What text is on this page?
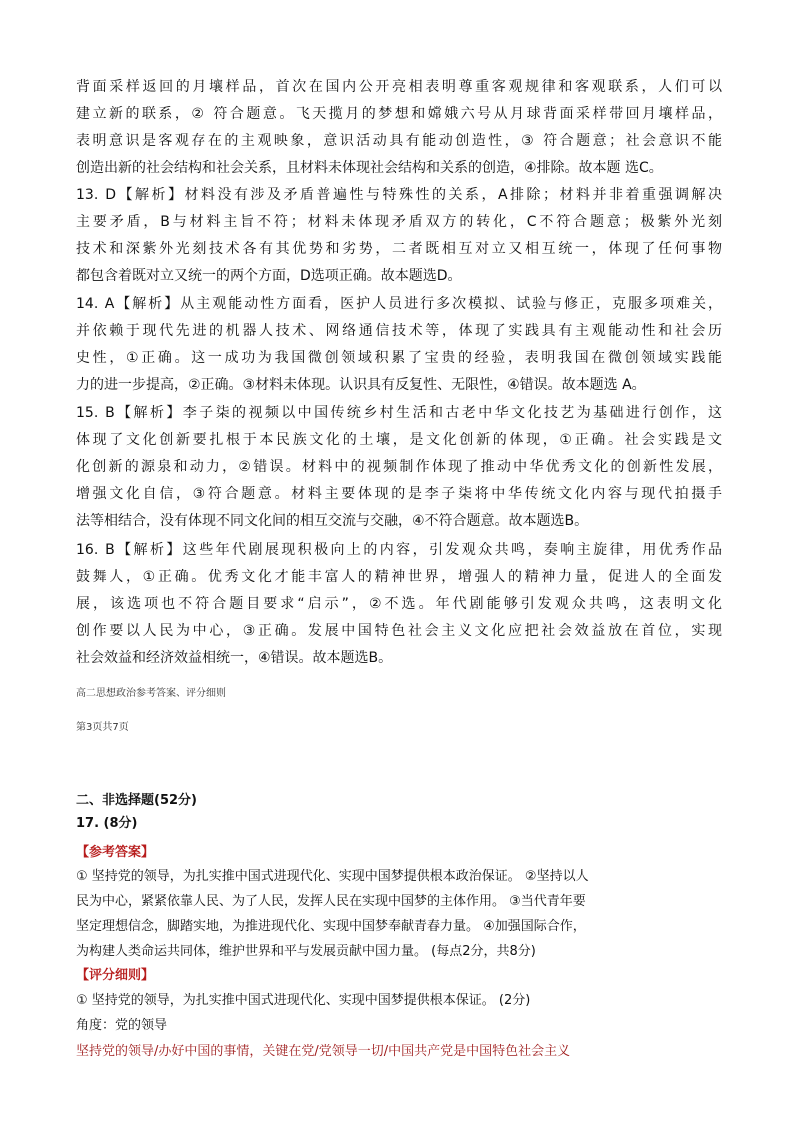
背面采样返回的月壤样品，首次在国内公开亮相表明尊重客观规律和客观联系，人们可以
建立新的联系，② 符合题意。飞天揽月的梦想和嫦娥六号从月球背面采样带回月壤样品，
表明意识是客观存在的主观映象，意识活动具有能动创造性，③ 符合题意；社会意识不能
创造出新的社会结构和社会关系，且材料未体现社会结构和关系的创造，④排除。故本题 选C。
13. D【解析】材料没有涉及矛盾普遍性与特殊性的关系，A排除；材料并非着重强调解决
主要矛盾，B与材料主旨不符；材料未体现矛盾双方的转化，C不符合题意；极紫外光刻
技术和深紫外光刻技术各有其优势和劣势，二者既相互对立又相互统一，体现了任何事物
都包含着既对立又统一的两个方面，D选项正确。故本题选D。
14. A【解析】从主观能动性方面看，医护人员进行多次模拟、试验与修正，克服多项难关，
并依赖于现代先进的机器人技术、网络通信技术等，体现了实践具有主观能动性和社会历
史性，①正确。这一成功为我国微创领域积累了宝贵的经验，表明我国在微创领域实践能
力的进一步提高，②正确。③材料未体现。认识具有反复性、无限性，④错误。故本题选 A。
15. B【解析】李子柒的视频以中国传统乡村生活和古老中华文化技艺为基础进行创作，这
体现了文化创新要扎根于本民族文化的土壤，是文化创新的体现，①正确。社会实践是文
化创新的源泉和动力，②错误。材料中的视频制作体现了推动中华优秀文化的创新性发展，
增强文化自信，③符合题意。材料主要体现的是李子柒将中华传统文化内容与现代拍摄手
法等相结合，没有体现不同文化间的相互交流与交融，④不符合题意。故本题选B。
16. B【解析】这些年代剧展现积极向上的内容，引发观众共鸣，奏响主旋律，用优秀作品
鼓舞人，①正确。优秀文化才能丰富人的精神世界，增强人的精神力量，促进人的全面发
展，该选项也不符合题目要求“启示”，②不选。年代剧能够引发观众共鸣，这表明文化
创作要以人民为中心，③正确。发展中国特色社会主义文化应把社会效益放在首位，实现
社会效益和经济效益相统一，④错误。故本题选B。
高二思想政治参考答案、评分细则
第3页共7页
二、非选择题(52分)
17. (8分)
【参考答案】
① 坚持党的领导，为扎实推中国式进现代化、实现中国梦提供根本政治保证。 ②坚持以人
民为中心，紧紧依靠人民、为了人民，发挥人民在实现中国梦的主体作用。 ③当代青年要
坚定理想信念，脚踏实地，为推进现代化、实现中国梦奉献青春力量。 ④加强国际合作，
为构建人类命运共同体，维护世界和平与发展贡献中国力量。 (每点2分，共8分)
【评分细则】
① 坚持党的领导，为扎实推中国式进现代化、实现中国梦提供根本保证。 (2分)
角度：党的领导
坚持党的领导/办好中国的事情，关键在党/党领导一切/中国共产党是中国特色社会主义
